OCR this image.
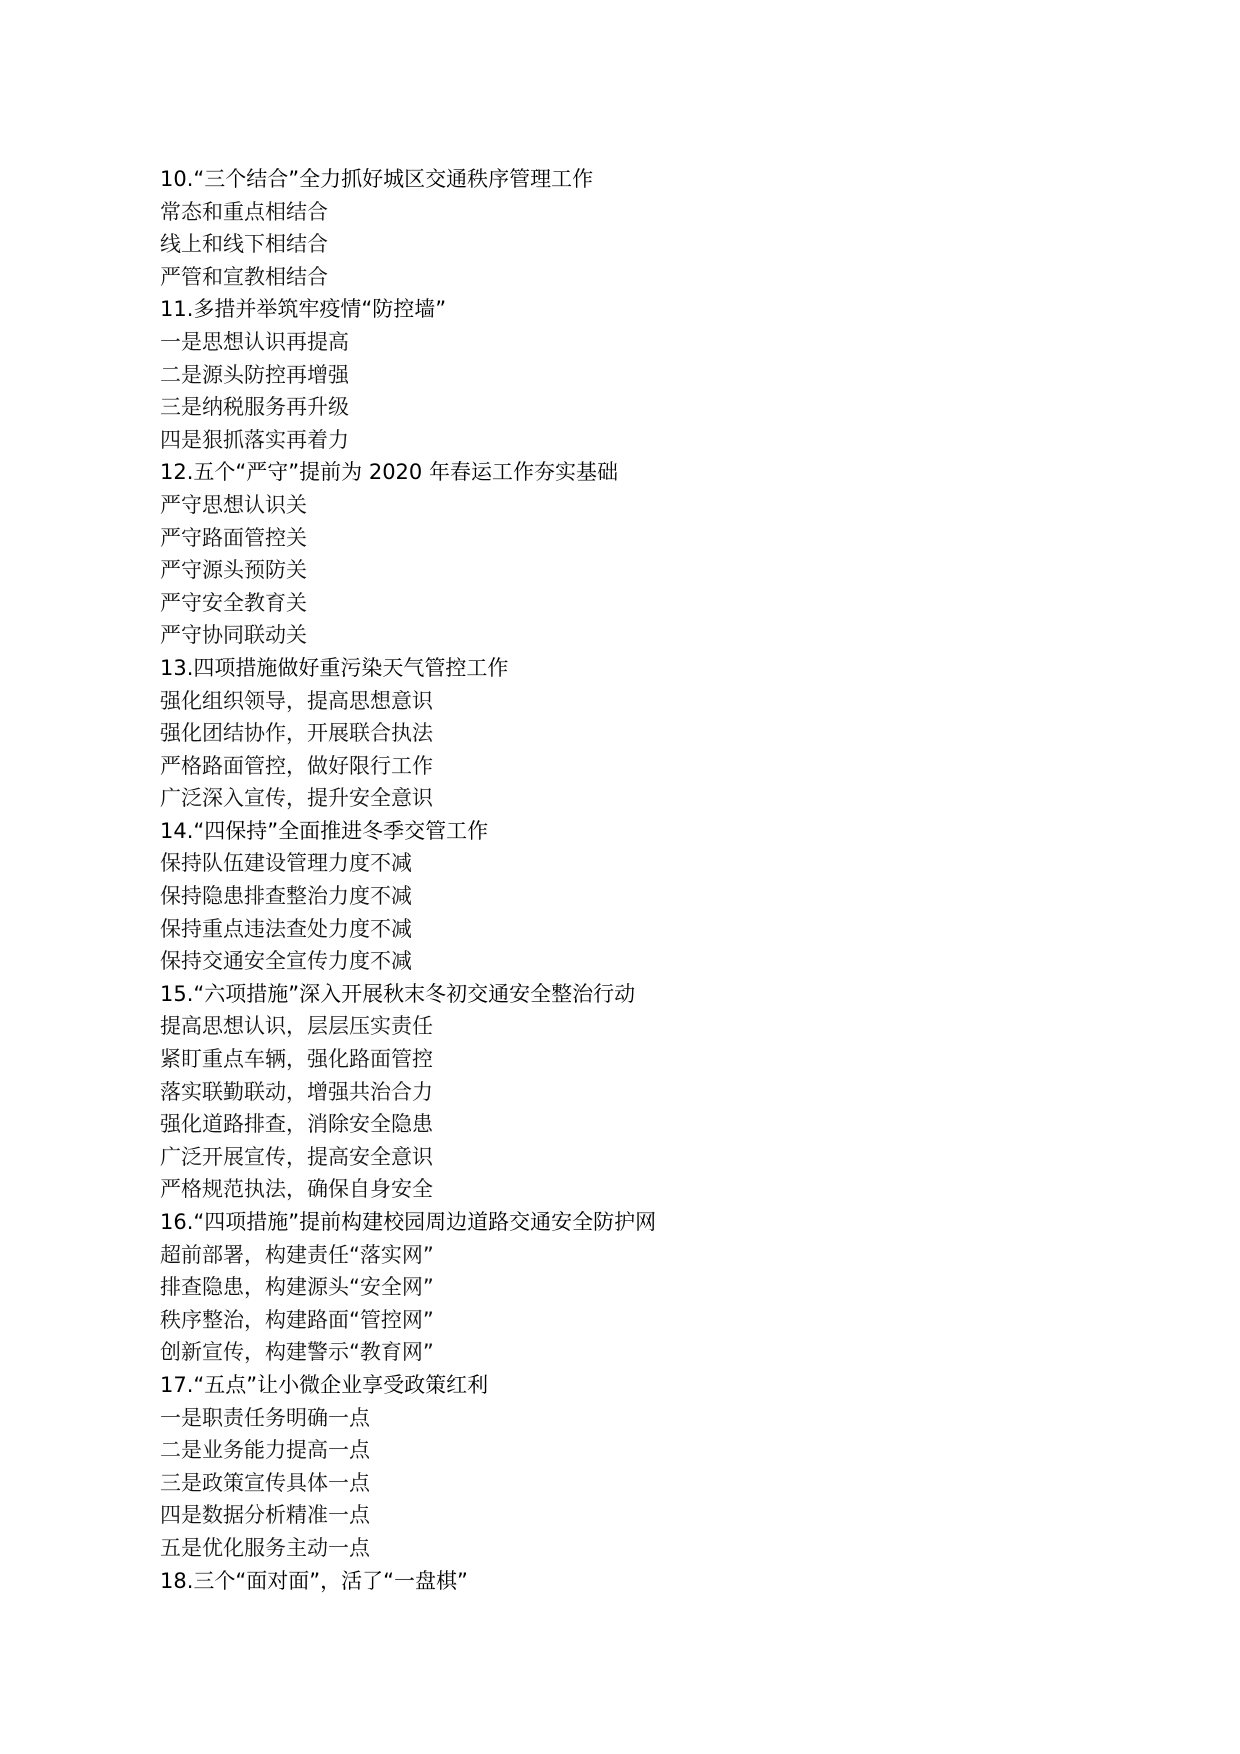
10.“三个结合”全力抓好城区交通秩序管理工作
常态和重点相结合
线上和线下相结合
严管和宣教相结合
11.多措并举筑牢疫情“防控墙”
一是思想认识再提高
二是源头防控再增强
三是纳税服务再升级
四是狠抓落实再着力
12.五个“严守”提前为 2020 年春运工作夯实基础
严守思想认识关
严守路面管控关
严守源头预防关
严守安全教育关
严守协同联动关
13.四项措施做好重污染天气管控工作
强化组织领导，提高思想意识
强化团结协作，开展联合执法
严格路面管控，做好限行工作
广泛深入宣传，提升安全意识
14.“四保持”全面推进冬季交管工作
保持队伍建设管理力度不减
保持隐患排查整治力度不减
保持重点违法查处力度不减
保持交通安全宣传力度不减
15.“六项措施”深入开展秋末冬初交通安全整治行动
提高思想认识，层层压实责任
紧盯重点车辆，强化路面管控
落实联勤联动，增强共治合力
强化道路排查，消除安全隐患
广泛开展宣传，提高安全意识
严格规范执法，确保自身安全
16.“四项措施”提前构建校园周边道路交通安全防护网
超前部署，构建责任“落实网”
排查隐患，构建源头“安全网”
秩序整治，构建路面“管控网”
创新宣传，构建警示“教育网”
17.“五点”让小微企业享受政策红利
一是职责任务明确一点
二是业务能力提高一点
三是政策宣传具体一点
四是数据分析精准一点
五是优化服务主动一点
18.三个“面对面”，活了“一盘棋”
